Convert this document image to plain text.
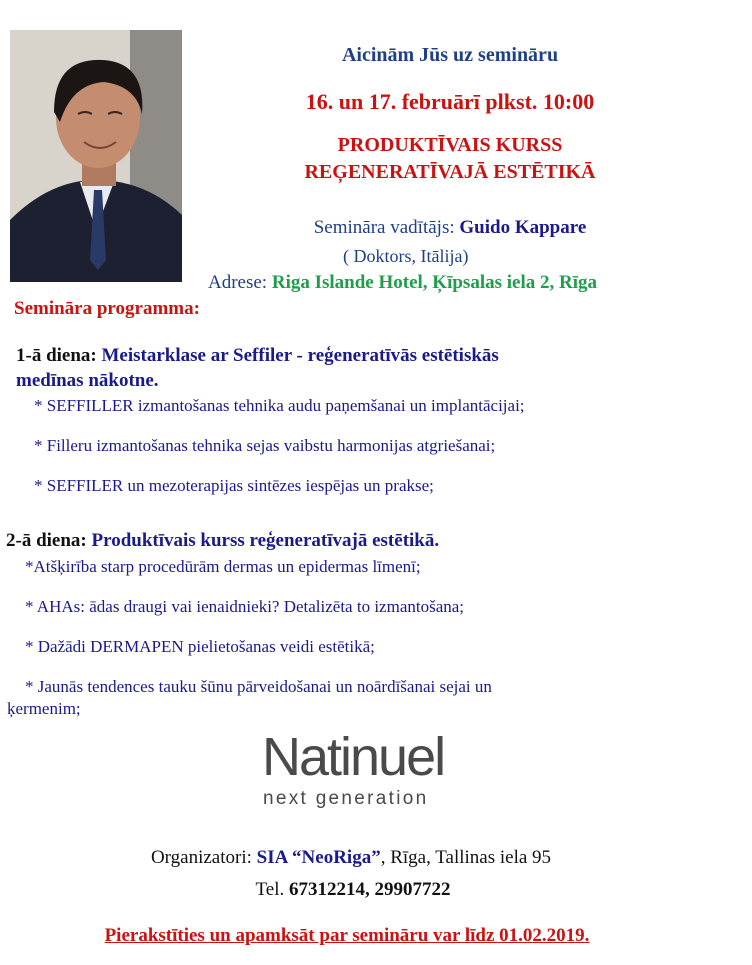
Aicinām Jūs uz semināru
16. un 17. februārī plkst. 10:00
PRODUKTĪVAIS KURSS
REĢENERATĪVAJĀ ESTĒTIKĀ
Semināra vadītājs: Guido Kappare
( Doktors, Itālija)
Adrese: Riga Islande Hotel, Ķīpsalas iela 2, Rīga
Semināra programma:
1-ā diena: Meistarklase ar Seffiler - reģeneratīvās estētiskās
medīnas nākotne.
* SEFFILLER izmantošanas tehnika audu paņemšanai un implantācijai;
* Filleru izmantošanas tehnika sejas vaibstu harmonijas atgriešanai;
* SEFFILER un mezoterapijas sintēzes iespējas un prakse;
2-ā diena: Produktīvais kurss reģeneratīvajā estētikā.
*Atšķirība starp procedūrām dermas un epidermas līmenī;
* AHAs: ādas draugi vai ienaidnieki? Detalizēta to izmantošana;
* Dažādi DERMAPEN pielietošanas veidi estētikā;
* Jaunās tendences tauku šūnu pārveidošanai un noārdīšanai sejai un
ķermenim;
Natinuel
next generation
Organizatori: SIA “NeoRiga”, Rīga, Tallinas iela 95
Tel. 67312214, 29907722
Pierakstīties un apamksāt par semināru var līdz 01.02.2019.
